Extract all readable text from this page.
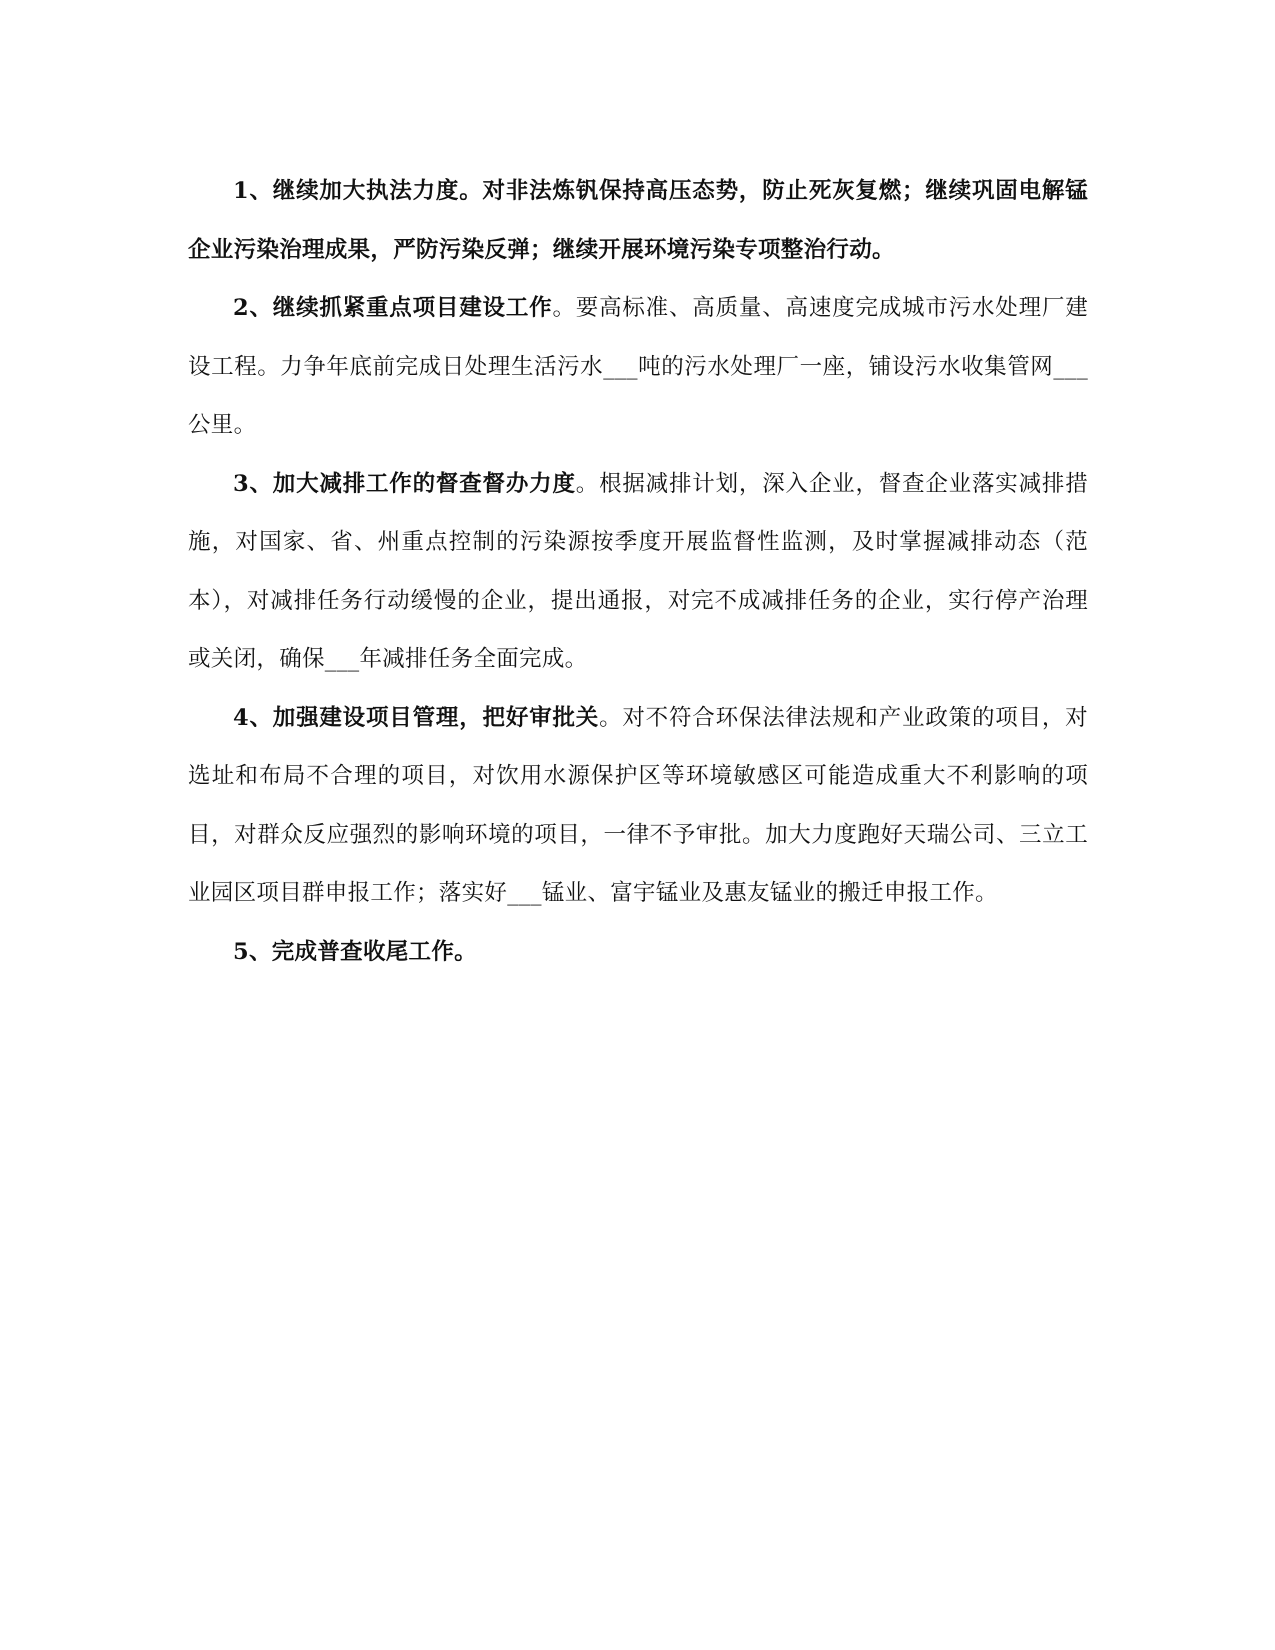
1、继续加大执法力度。对非法炼钒保持高压态势，防止死灰复燃；继续巩固电解锰企业污染治理成果，严防污染反弹；继续开展环境污染专项整治行动。

2、继续抓紧重点项目建设工作。要高标准、高质量、高速度完成城市污水处理厂建设工程。力争年底前完成日处理生活污水___吨的污水处理厂一座，铺设污水收集管网___公里。

3、加大减排工作的督查督办力度。根据减排计划，深入企业，督查企业落实减排措施，对国家、省、州重点控制的污染源按季度开展监督性监测，及时掌握减排动态（范本），对减排任务行动缓慢的企业，提出通报，对完不成减排任务的企业，实行停产治理或关闭，确保___年减排任务全面完成。

4、加强建设项目管理，把好审批关。对不符合环保法律法规和产业政策的项目，对选址和布局不合理的项目，对饮用水源保护区等环境敏感区可能造成重大不利影响的项目，对群众反应强烈的影响环境的项目，一律不予审批。加大力度跑好天瑞公司、三立工业园区项目群申报工作；落实好___锰业、富宇锰业及惠友锰业的搬迁申报工作。

5、完成普查收尾工作。
